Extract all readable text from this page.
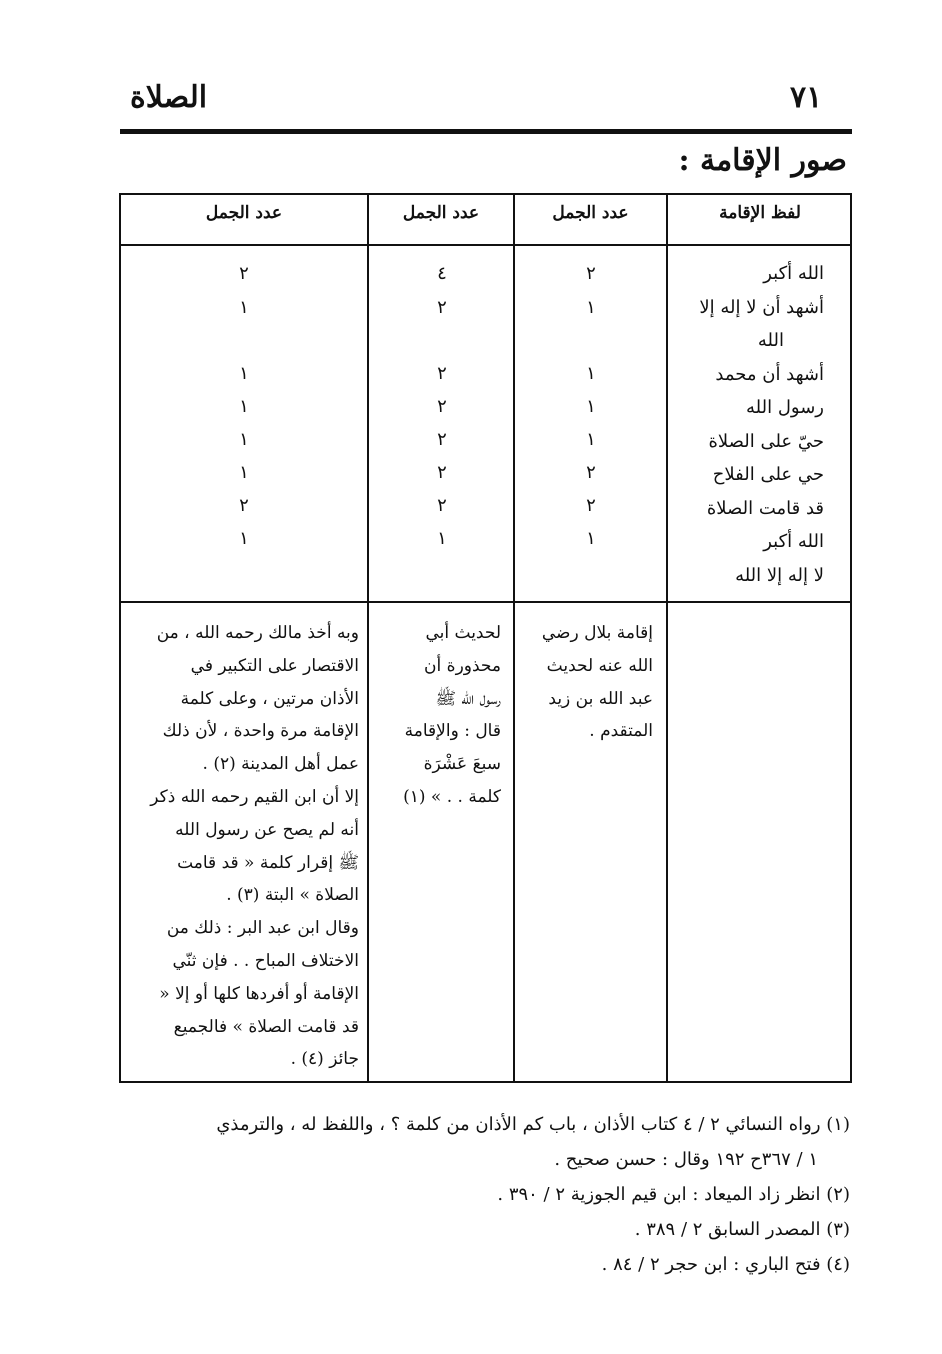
٧١
الصلاة
صور الإقامة :
لفظ الإقامة
عدد الجمل
عدد الجمل
عدد الجمل
الله أكبر
أشهد أن لا إله إلا
الله
أشهد أن محمد
رسول الله
حيّ على الصلاة
حي على الفلاح
قد قامت الصلاة
الله أكبر
لا إله إلا الله
٢
١
١
١
١
٢
٢
١
٤
٢
٢
٢
٢
٢
٢
١
٢
١
١
١
١
١
٢
١
إقامة بلال رضي
الله عنه لحديث
عبد الله بن زيد
المتقدم .
لحديث أبي
محذورة أن
رسول الله ﷺ
قال : والإقامة
سبعَ عَشْرَة
كلمة . . » (١)
وبه أخذ مالك رحمه الله ، من
الاقتصار على التكبير في
الأذان مرتين ، وعلى كلمة
الإقامة مرة واحدة ، لأن ذلك
عمل أهل المدينة (٢) .
إلا أن ابن القيم رحمه الله ذكر
أنه لم يصح عن رسول الله
ﷺ إقرار كلمة « قد قامت
الصلاة » البتة (٣) .
وقال ابن عبد البر : ذلك من
الاختلاف المباح . . فإن ثنّي
الإقامة أو أفردها كلها أو إلا «
قد قامت الصلاة » فالجميع
جائز (٤) .
(١) رواه النسائي ٢ / ٤ كتاب الأذان ، باب كم الأذان من كلمة ؟ ، واللفظ له ، والترمذي
١ / ٣٦٧ح ١٩٢ وقال : حسن صحيح .
(٢) انظر زاد الميعاد : ابن قيم الجوزية ٢ / ٣٩٠ .
(٣) المصدر السابق ٢ / ٣٨٩ .
(٤) فتح الباري : ابن حجر ٢ / ٨٤ .
